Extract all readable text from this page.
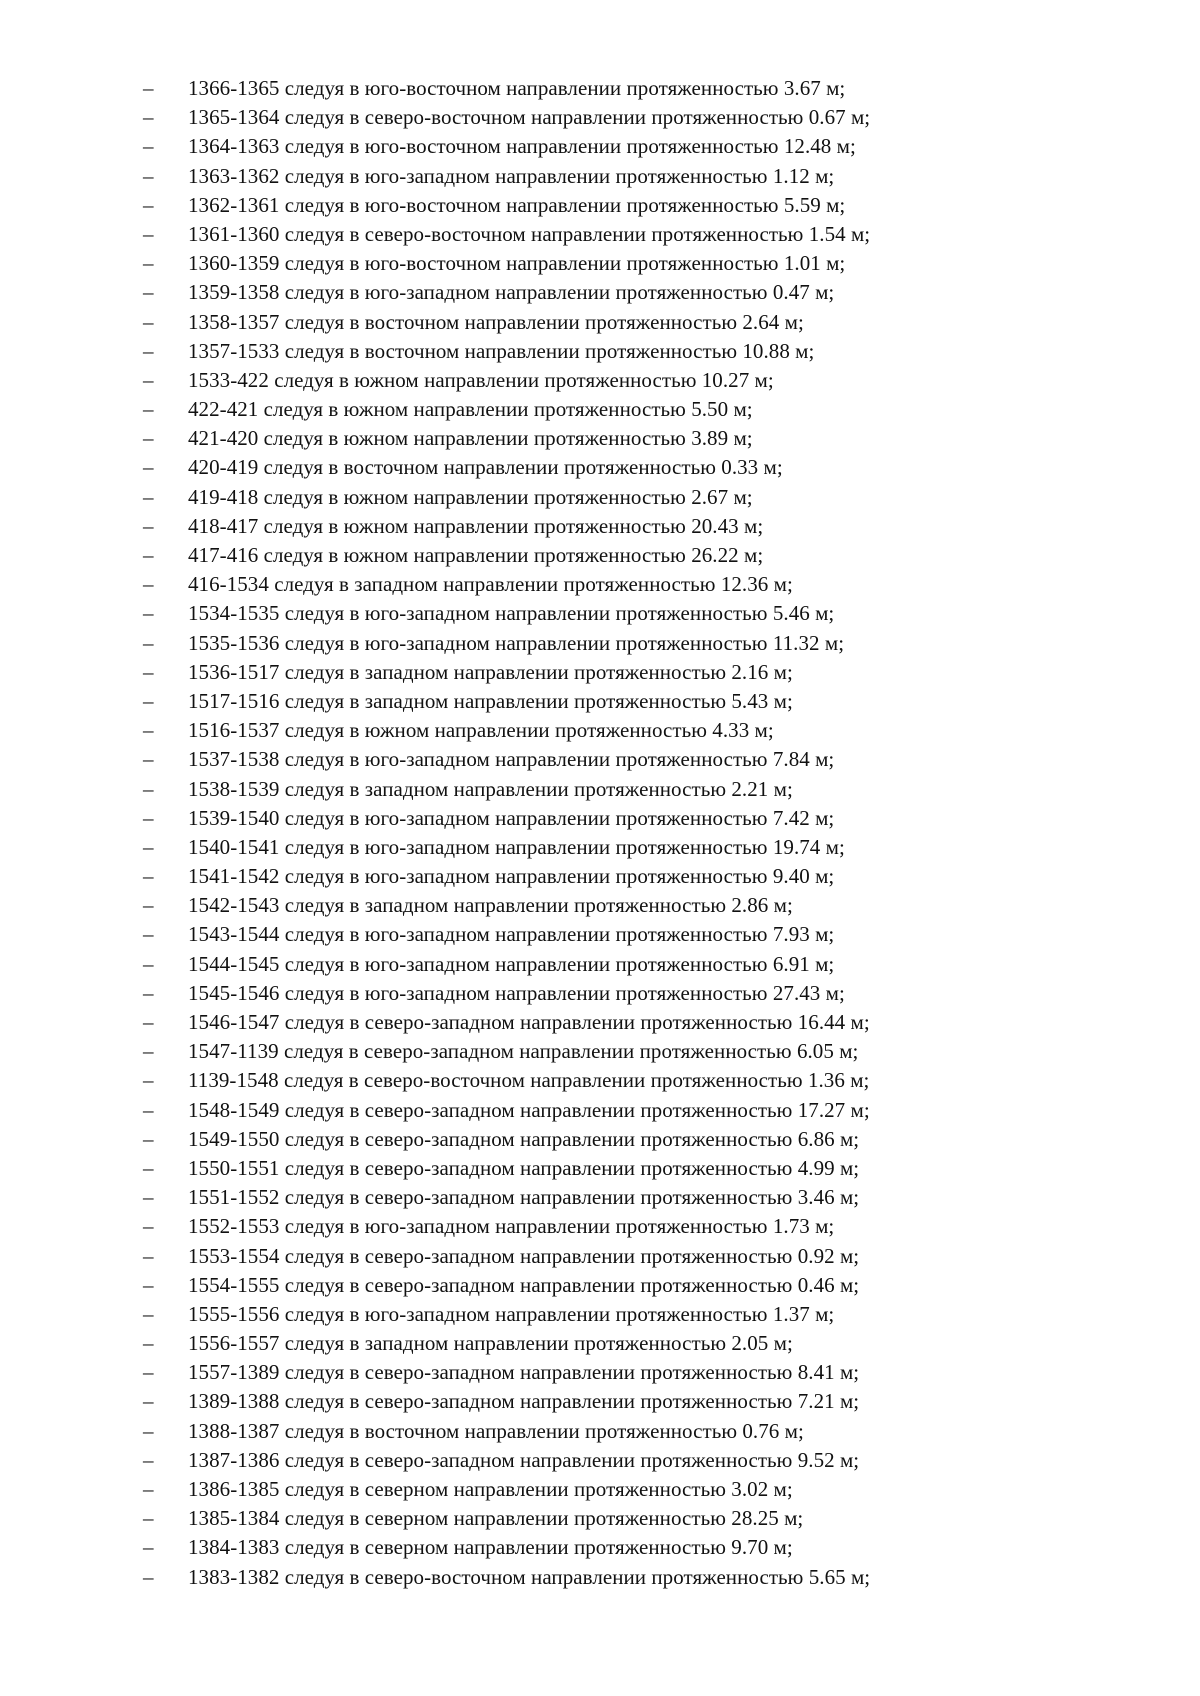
– 1366-1365 следуя в юго-восточном направлении протяженностью 3.67 м;
– 1365-1364 следуя в северо-восточном направлении протяженностью 0.67 м;
– 1364-1363 следуя в юго-восточном направлении протяженностью 12.48 м;
– 1363-1362 следуя в юго-западном направлении протяженностью 1.12 м;
– 1362-1361 следуя в юго-восточном направлении протяженностью 5.59 м;
– 1361-1360 следуя в северо-восточном направлении протяженностью 1.54 м;
– 1360-1359 следуя в юго-восточном направлении протяженностью 1.01 м;
– 1359-1358 следуя в юго-западном направлении протяженностью 0.47 м;
– 1358-1357 следуя в восточном направлении протяженностью 2.64 м;
– 1357-1533 следуя в восточном направлении протяженностью 10.88 м;
– 1533-422 следуя в южном направлении протяженностью 10.27 м;
– 422-421 следуя в южном направлении протяженностью 5.50 м;
– 421-420 следуя в южном направлении протяженностью 3.89 м;
– 420-419 следуя в восточном направлении протяженностью 0.33 м;
– 419-418 следуя в южном направлении протяженностью 2.67 м;
– 418-417 следуя в южном направлении протяженностью 20.43 м;
– 417-416 следуя в южном направлении протяженностью 26.22 м;
– 416-1534 следуя в западном направлении протяженностью 12.36 м;
– 1534-1535 следуя в юго-западном направлении протяженностью 5.46 м;
– 1535-1536 следуя в юго-западном направлении протяженностью 11.32 м;
– 1536-1517 следуя в западном направлении протяженностью 2.16 м;
– 1517-1516 следуя в западном направлении протяженностью 5.43 м;
– 1516-1537 следуя в южном направлении протяженностью 4.33 м;
– 1537-1538 следуя в юго-западном направлении протяженностью 7.84 м;
– 1538-1539 следуя в западном направлении протяженностью 2.21 м;
– 1539-1540 следуя в юго-западном направлении протяженностью 7.42 м;
– 1540-1541 следуя в юго-западном направлении протяженностью 19.74 м;
– 1541-1542 следуя в юго-западном направлении протяженностью 9.40 м;
– 1542-1543 следуя в западном направлении протяженностью 2.86 м;
– 1543-1544 следуя в юго-западном направлении протяженностью 7.93 м;
– 1544-1545 следуя в юго-западном направлении протяженностью 6.91 м;
– 1545-1546 следуя в юго-западном направлении протяженностью 27.43 м;
– 1546-1547 следуя в северо-западном направлении протяженностью 16.44 м;
– 1547-1139 следуя в северо-западном направлении протяженностью 6.05 м;
– 1139-1548 следуя в северо-восточном направлении протяженностью 1.36 м;
– 1548-1549 следуя в северо-западном направлении протяженностью 17.27 м;
– 1549-1550 следуя в северо-западном направлении протяженностью 6.86 м;
– 1550-1551 следуя в северо-западном направлении протяженностью 4.99 м;
– 1551-1552 следуя в северо-западном направлении протяженностью 3.46 м;
– 1552-1553 следуя в юго-западном направлении протяженностью 1.73 м;
– 1553-1554 следуя в северо-западном направлении протяженностью 0.92 м;
– 1554-1555 следуя в северо-западном направлении протяженностью 0.46 м;
– 1555-1556 следуя в юго-западном направлении протяженностью 1.37 м;
– 1556-1557 следуя в западном направлении протяженностью 2.05 м;
– 1557-1389 следуя в северо-западном направлении протяженностью 8.41 м;
– 1389-1388 следуя в северо-западном направлении протяженностью 7.21 м;
– 1388-1387 следуя в восточном направлении протяженностью 0.76 м;
– 1387-1386 следуя в северо-западном направлении протяженностью 9.52 м;
– 1386-1385 следуя в северном направлении протяженностью 3.02 м;
– 1385-1384 следуя в северном направлении протяженностью 28.25 м;
– 1384-1383 следуя в северном направлении протяженностью 9.70 м;
– 1383-1382 следуя в северо-восточном направлении протяженностью 5.65 м;
